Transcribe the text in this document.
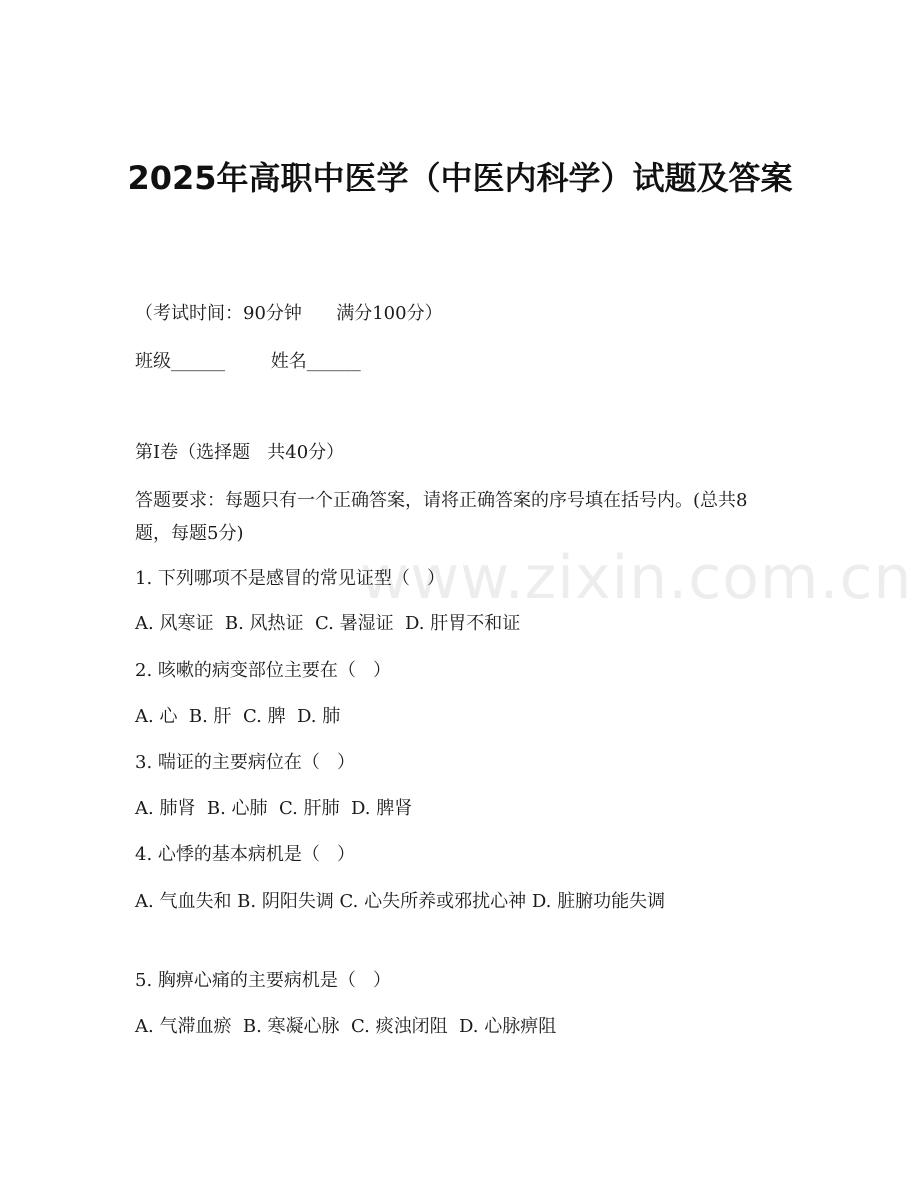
2025年高职中医学（中医内科学）试题及答案
（考试时间：90分钟      满分100分）
班级______        姓名______
第I卷（选择题   共40分）
答题要求：每题只有一个正确答案，请将正确答案的序号填在括号内。(总共8题，每题5分)
1. 下列哪项不是感冒的常见证型（   ）
A. 风寒证  B. 风热证  C. 暑湿证  D. 肝胃不和证
2. 咳嗽的病变部位主要在（   ）
A. 心  B. 肝  C. 脾  D. 肺
3. 喘证的主要病位在（   ）
A. 肺肾  B. 心肺  C. 肝肺  D. 脾肾
4. 心悸的基本病机是（   ）
A. 气血失和 B. 阴阳失调 C. 心失所养或邪扰心神 D. 脏腑功能失调
5. 胸痹心痛的主要病机是（   ）
A. 气滞血瘀  B. 寒凝心脉  C. 痰浊闭阻  D. 心脉痹阻
www.zixin.com.cn
